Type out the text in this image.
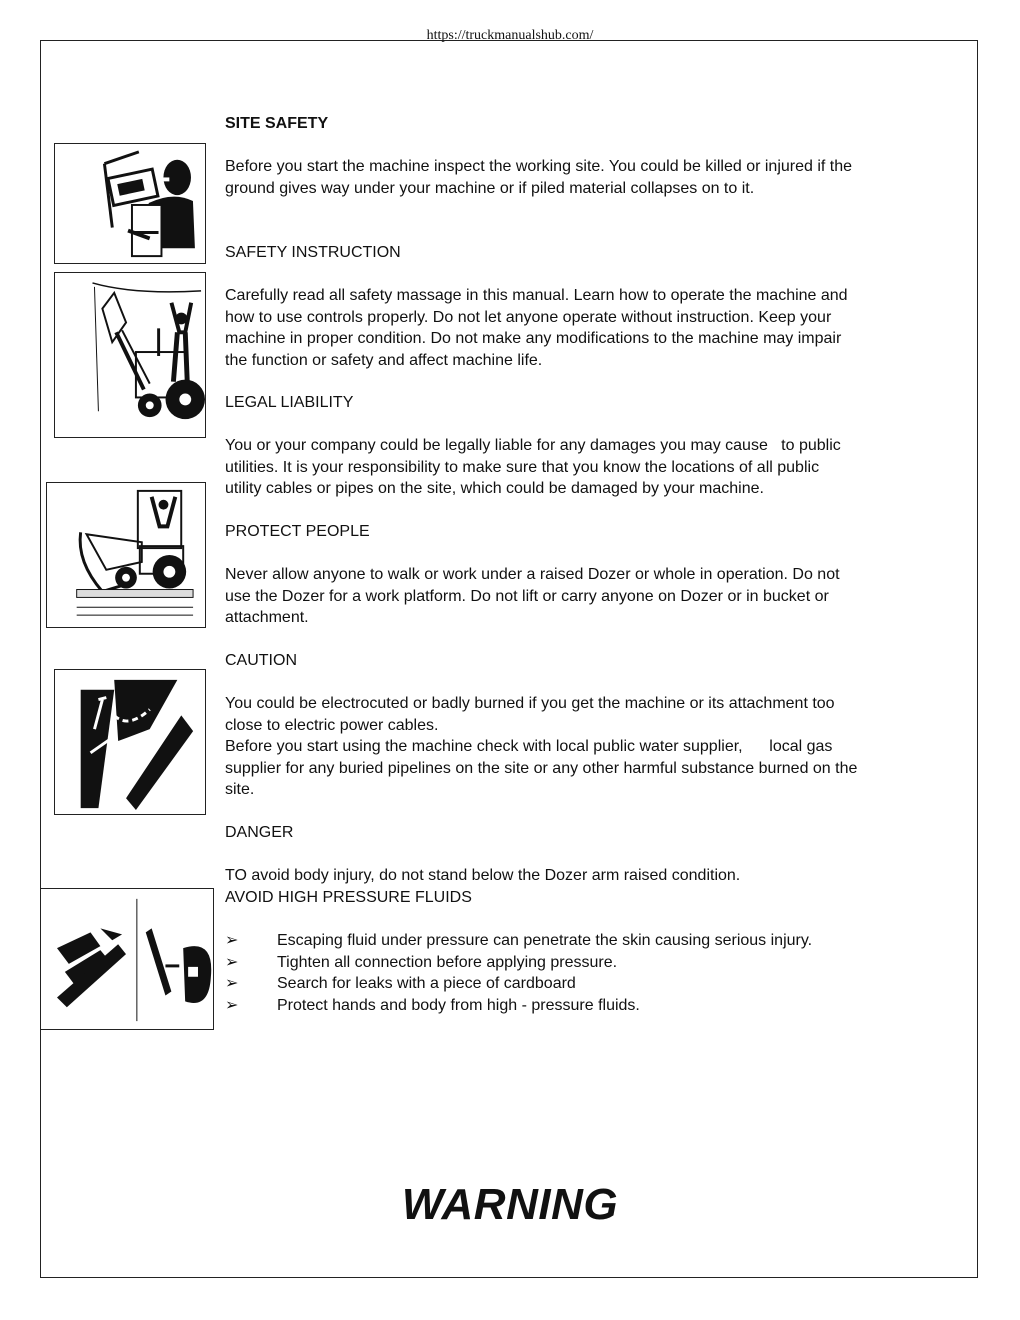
https://truckmanualshub.com/
SITE SAFETY
Before you start the machine inspect the working site. You could be killed or injured if the
ground gives way under your machine or if piled material collapses on to it.
SAFETY INSTRUCTION
Carefully read all safety massage in this manual. Learn how to operate the machine and
how to use controls properly. Do not let anyone operate without instruction. Keep your
machine in proper condition. Do not make any modifications to the machine may impair
the function or safety and affect machine life.
LEGAL LIABILITY
You or your company could be legally liable for any damages you may cause   to public
utilities. It is your responsibility to make sure that you know the locations of all public
utility cables or pipes on the site, which could be damaged by your machine.
PROTECT PEOPLE
Never allow anyone to walk or work under a raised Dozer or whole in operation. Do not
use the Dozer for a work platform. Do not lift or carry anyone on Dozer or in bucket or
attachment.
CAUTION
You could be electrocuted or badly burned if you get the machine or its attachment too
close to electric power cables.
Before you start using the machine check with local public water supplier,      local gas
supplier for any buried pipelines on the site or any other harmful substance burned on the
site.
DANGER
TO avoid body injury, do not stand below the Dozer arm raised condition.
AVOID HIGH PRESSURE FLUIDS
➢ Escaping fluid under pressure can penetrate the skin causing serious injury.
➢ Tighten all connection before applying pressure.
➢ Search for leaks with a piece of cardboard
➢ Protect hands and body from high - pressure fluids.
WARNING
